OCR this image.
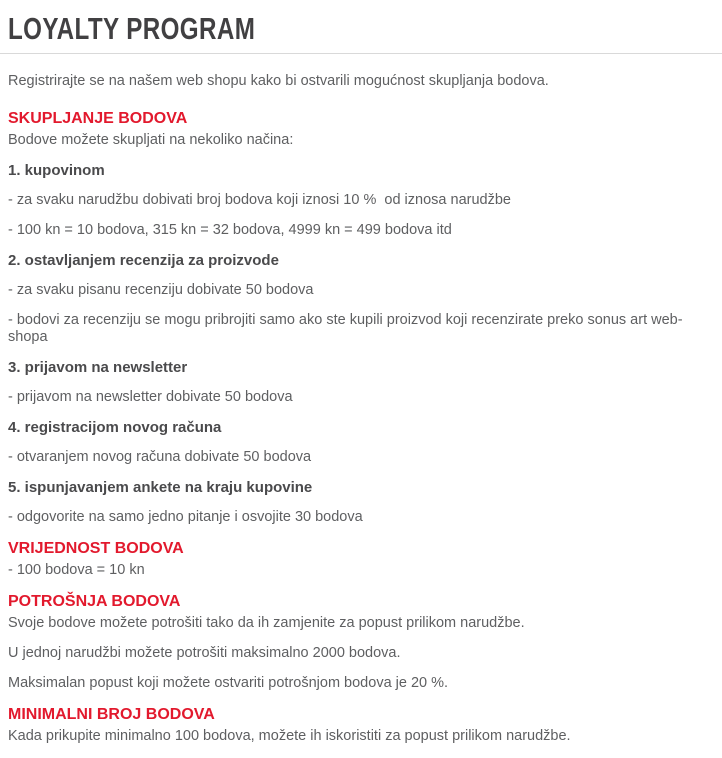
LOYALTY PROGRAM

Registrirajte se na našem web shopu kako bi ostvarili mogućnost skupljanja bodova.

SKUPLJANJE BODOVA

Bodove možete skupljati na nekoliko načina:

1. kupovinom

- za svaku narudžbu dobivati broj bodova koji iznosi 10 %  od iznosa narudžbe

- 100 kn = 10 bodova, 315 kn = 32 bodova, 4999 kn = 499 bodova itd

2. ostavljanjem recenzija za proizvode

- za svaku pisanu recenziju dobivate 50 bodova

- bodovi za recenziju se mogu pribrojiti samo ako ste kupili proizvod koji recenzirate preko sonus art web-shopa

3. prijavom na newsletter

- prijavom na newsletter dobivate 50 bodova

4. registracijom novog računa

- otvaranjem novog računa dobivate 50 bodova

5. ispunjavanjem ankete na kraju kupovine

- odgovorite na samo jedno pitanje i osvojite 30 bodova

VRIJEDNOST BODOVA

- 100 bodova = 10 kn

POTROŠNJA BODOVA

Svoje bodove možete potrošiti tako da ih zamjenite za popust prilikom narudžbe.

U jednoj narudžbi možete potrošiti maksimalno 2000 bodova.

Maksimalan popust koji možete ostvariti potrošnjom bodova je 20 %.

MINIMALNI BROJ BODOVA

Kada prikupite minimalno 100 bodova, možete ih iskoristiti za popust prilikom narudžbe.
